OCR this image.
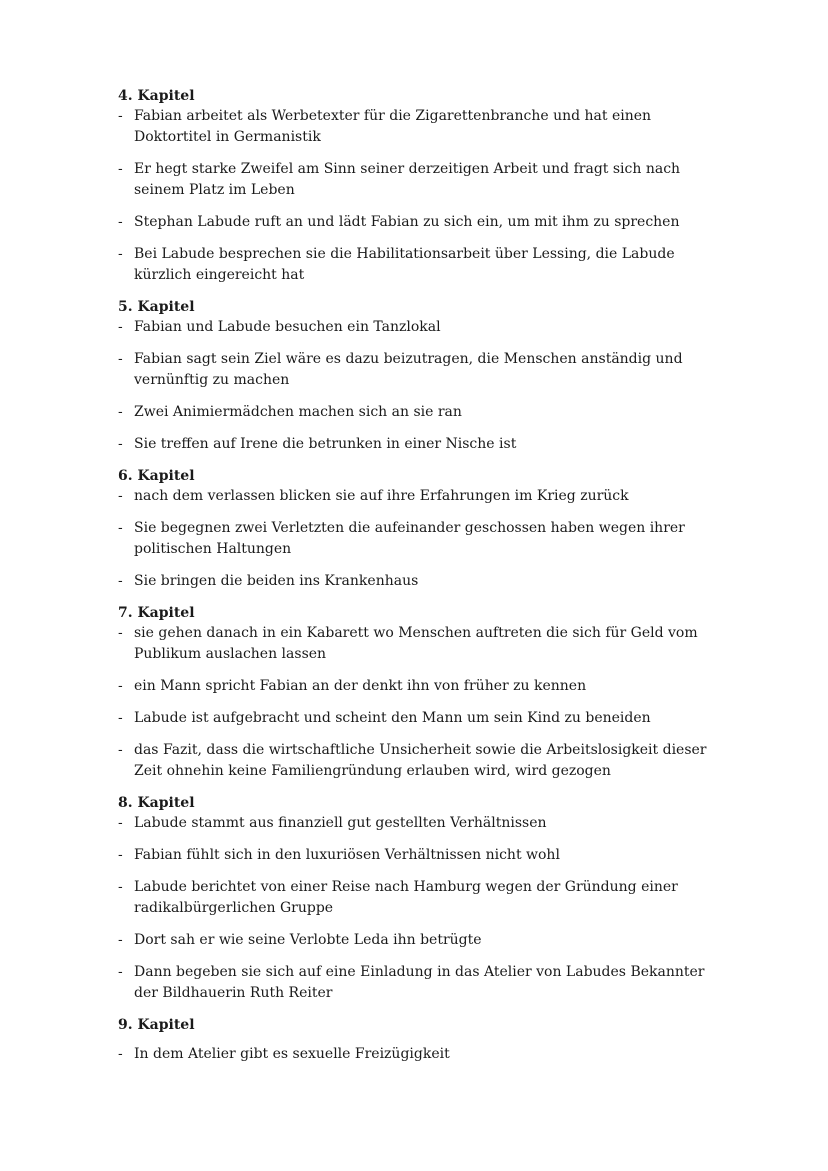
4. Kapitel
- Fabian arbeitet als Werbetexter für die Zigarettenbranche und hat einen Doktortitel in Germanistik
- Er hegt starke Zweifel am Sinn seiner derzeitigen Arbeit und fragt sich nach seinem Platz im Leben
- Stephan Labude ruft an und lädt Fabian zu sich ein, um mit ihm zu sprechen
- Bei Labude besprechen sie die Habilitationsarbeit über Lessing, die Labude kürzlich eingereicht hat
5. Kapitel
- Fabian und Labude besuchen ein Tanzlokal
- Fabian sagt sein Ziel wäre es dazu beizutragen, die Menschen anständig und vernünftig zu machen
- Zwei Animiermädchen machen sich an sie ran
- Sie treffen auf Irene die betrunken in einer Nische ist
6. Kapitel
- nach dem verlassen blicken sie auf ihre Erfahrungen im Krieg zurück
- Sie begegnen zwei Verletzten die aufeinander geschossen haben wegen ihrer politischen Haltungen
- Sie bringen die beiden ins Krankenhaus
7. Kapitel
- sie gehen danach in ein Kabarett wo Menschen auftreten die sich für Geld vom Publikum auslachen lassen
- ein Mann spricht Fabian an der denkt ihn von früher zu kennen
- Labude ist aufgebracht und scheint den Mann um sein Kind zu beneiden
- das Fazit, dass die wirtschaftliche Unsicherheit sowie die Arbeitslosigkeit dieser Zeit ohnehin keine Familiengründung erlauben wird, wird gezogen
8. Kapitel
- Labude stammt aus finanziell gut gestellten Verhältnissen
- Fabian fühlt sich in den luxuriösen Verhältnissen nicht wohl
- Labude berichtet von einer Reise nach Hamburg wegen der Gründung einer radikalbürgerlichen Gruppe
- Dort sah er wie seine Verlobte Leda ihn betrügte
- Dann begeben sie sich auf eine Einladung in das Atelier von Labudes Bekannter der Bildhauerin Ruth Reiter
9. Kapitel
- In dem Atelier gibt es sexuelle Freizügigkeit
